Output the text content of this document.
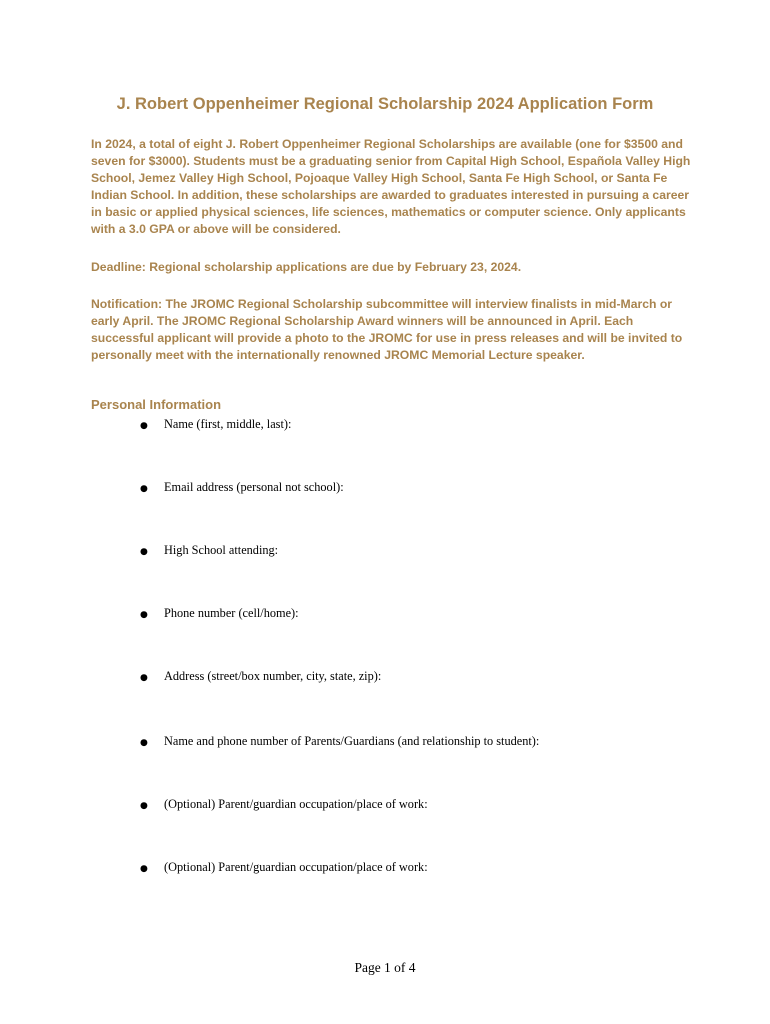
J. Robert Oppenheimer Regional Scholarship 2024 Application Form

In 2024, a total of eight J. Robert Oppenheimer Regional Scholarships are available (one for $3500 and seven for $3000). Students must be a graduating senior from Capital High School, Española Valley High School, Jemez Valley High School, Pojoaque Valley High School, Santa Fe High School, or Santa Fe Indian School. In addition, these scholarships are awarded to graduates interested in pursuing a career in basic or applied physical sciences, life sciences, mathematics or computer science. Only applicants with a 3.0 GPA or above will be considered.

Deadline: Regional scholarship applications are due by February 23, 2024.

Notification: The JROMC Regional Scholarship subcommittee will interview finalists in mid-March or early April. The JROMC Regional Scholarship Award winners will be announced in April. Each successful applicant will provide a photo to the JROMC for use in press releases and will be invited to personally meet with the internationally renowned JROMC Memorial Lecture speaker.

Personal Information
● Name (first, middle, last):
● Email address (personal not school):
● High School attending:
● Phone number (cell/home):
● Address (street/box number, city, state, zip):
● Name and phone number of Parents/Guardians (and relationship to student):
● (Optional) Parent/guardian occupation/place of work:
● (Optional) Parent/guardian occupation/place of work:
Page 1 of 4
